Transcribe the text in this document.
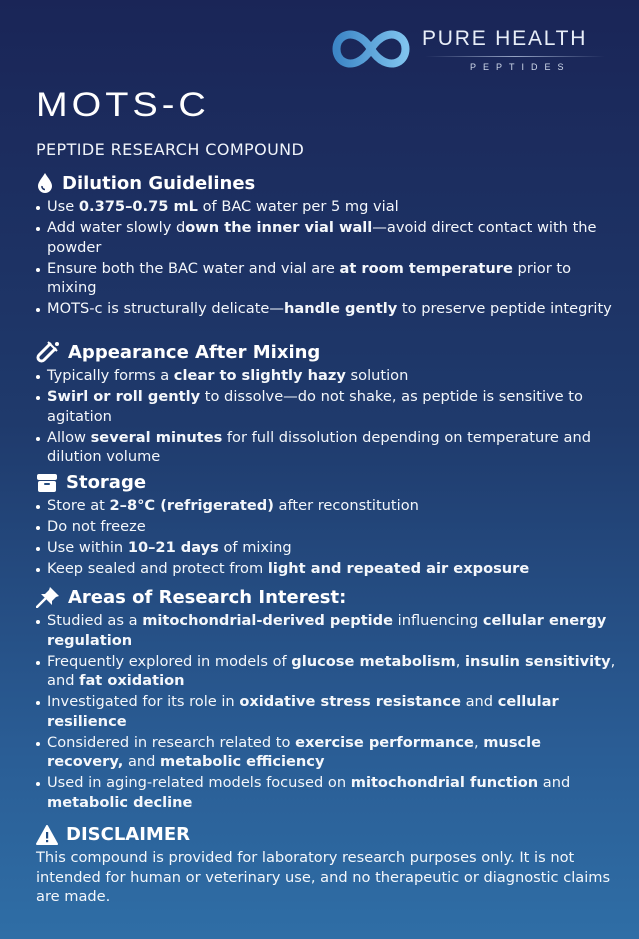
PURE HEALTH
PEPTIDES
MOTS-C
PEPTIDE RESEARCH COMPOUND
Dilution Guidelines
Use 0.375–0.75 mL of BAC water per 5 mg vial
Add water slowly down the inner vial wall—avoid direct contact with the powder
Ensure both the BAC water and vial are at room temperature prior to mixing
MOTS-c is structurally delicate—handle gently to preserve peptide integrity
Appearance After Mixing
Typically forms a clear to slightly hazy solution
Swirl or roll gently to dissolve—do not shake, as peptide is sensitive to agitation
Allow several minutes for full dissolution depending on temperature and dilution volume
Storage
Store at 2–8°C (refrigerated) after reconstitution
Do not freeze
Use within 10–21 days of mixing
Keep sealed and protect from light and repeated air exposure
Areas of Research Interest:
Studied as a mitochondrial-derived peptide influencing cellular energy regulation
Frequently explored in models of glucose metabolism, insulin sensitivity, and fat oxidation
Investigated for its role in oxidative stress resistance and cellular resilience
Considered in research related to exercise performance, muscle recovery, and metabolic efficiency
Used in aging-related models focused on mitochondrial function and metabolic decline
DISCLAIMER

This compound is provided for laboratory research purposes only. It is not intended for human or veterinary use, and no therapeutic or diagnostic claims are made.
